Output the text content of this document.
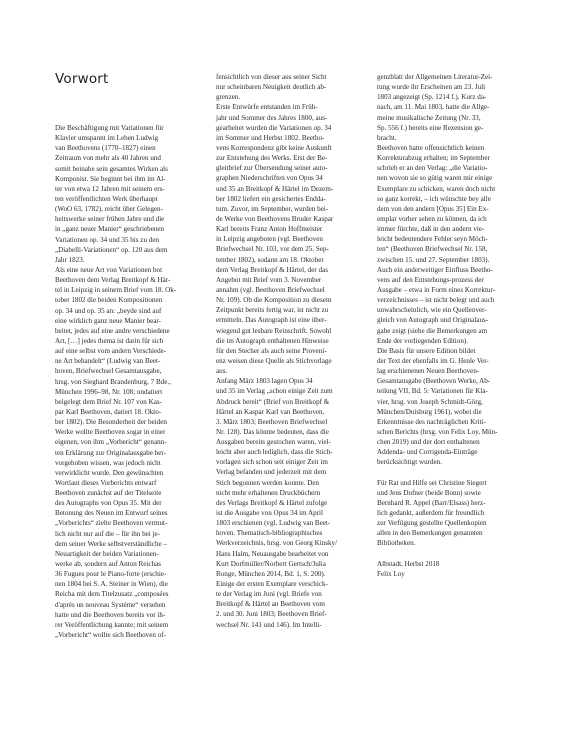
Vorwort
Die Beschäftigung mit Variationen für
Klavier umspannt im Leben Ludwig
van Beethovens (1770–1827) einen
Zeitraum von mehr als 40 Jahren und
somit beinahe sein gesamtes Wirken als
Komponist. Sie beginnt bei ihm im Al-
ter von etwa 12 Jahren mit seinem ers-
ten veröffentlichten Werk überhaupt
(WoO 63, 1782), reicht über Gelegen-
heitswerke seiner frühen Jahre und die
in „ganz neuer Manier“ geschriebenen
Variationen op. 34 und 35 bis zu den
„Diabelli-Variationen“ op. 120 aus dem
Jahr 1823.
Als eine neue Art von Variationen bot
Beethoven dem Verlag Breitkopf & Här-
tel in Leipzig in seinem Brief vom 18. Ok-
tober 1802 die beiden Kompositionen
op. 34 und op. 35 an: „beyde sind auf
eine wirklich ganz neue Manier bear-
beitet, jedes auf eine andre verschiedene
Art, […] jedes thema ist darin für sich
auf eine selbst vom andern Verschiede-
ne Art behandelt“ (Ludwig van Beet-
hoven, Briefwechsel Gesamtausgabe,
hrsg. von Sieghard Brandenburg, 7 Bde.,
München 1996–98, Nr. 108; undatiert
beigelegt dem Brief Nr. 107 von Kas-
par Karl Beethoven, datiert 18. Okto-
ber 1802). Die Besonderheit der beiden
Werke wollte Beethoven sogar in einer
eigenen, von ihm „Vorbericht“ genann-
ten Erklärung zur Originalausgabe her-
vorgehoben wissen, was jedoch nicht
verwirklicht wurde. Den gewünschten
Wortlaut dieses Vorberichts entwarf
Beethoven zunächst auf der Titelseite
des Autographs von Opus 35. Mit der
Betonung des Neuen im Entwurf seines
„Vorberichts“ zielte Beethoven vermut-
lich nicht nur auf die – für ihn bei je-
dem seiner Werke selbstverständliche –
Neuartigkeit der beiden Variationen-
werke ab, sondern auf Anton Reichas
36 Fugues pour le Piano-forte (erschie-
nen 1804 bei S. A. Steiner in Wien), die
Reicha mit dem Titelzusatz „composées
d'après un nouveau Système“ versehen
hatte und die Beethoven bereits vor ih-
rer Veröffentlichung kannte; mit seinem
„Vorbericht“ wollte sich Beethoven of-
fensichtlich von dieser aus seiner Sicht
nur scheinbaren Neuigkeit deutlich ab-
grenzen.
Erste Entwürfe entstanden im Früh-
jahr und Sommer des Jahres 1800, aus-
gearbeitet wurden die Variationen op. 34
im Sommer und Herbst 1802. Beetho-
vens Korrespondenz gibt keine Auskunft
zur Entstehung des Werks. Erst der Be-
gleitbrief zur Übersendung seiner auto-
graphen Niederschriften von Opus 34
und 35 an Breitkopf & Härtel im Dezem-
ber 1802 liefert ein gesichertes Enddа-
tum. Zuvor, im September, wurden bei-
de Werke von Beethovens Bruder Kaspar
Karl bereits Franz Anton Hoffmeister
in Leipzig angeboten (vgl. Beethoven
Briefwechsel Nr. 103, vor dem 25. Sep-
tember 1802), sodann am 18. Oktober
dem Verlag Breitkopf & Härtel, der das
Angebot mit Brief vom 3. November
annahm (vgl. Beethoven Briefwechsel
Nr. 109). Ob die Komposition zu diesem
Zeitpunkt bereits fertig war, ist nicht zu
ermitteln. Das Autograph ist eine über-
wiegend gut lesbare Reinschrift. Sowohl
die im Autograph enthaltenen Hinweise
für den Stecher als auch seine Provení-
enz weisen diese Quelle als Stichvorlage
aus.
Anfang März 1803 lagen Opus 34
und 35 im Verlag „schon einige Zeit zum
Abdruck bereit“ (Brief von Breitkopf &
Härtel an Kaspar Karl van Beethoven,
3. März 1803; Beethoven Briefwechsel
Nr. 128). Das könnte bedeuten, dass die
Ausgaben bereits gestochen waren, viel-
leicht aber auch lediglich, dass die Stich-
vorlagen sich schon seit einiger Zeit im
Verlag befanden und jederzeit mit dem
Stich begonnen werden konnte. Den
nicht mehr erhaltenen Druckbüchern
des Verlags Breitkopf & Härtel zufolge
ist die Ausgabe von Opus 34 im April
1803 erschienen (vgl. Ludwig van Beet-
hoven. Thematisch-bibliographisches
Werkverzeichnis, hrsg. von Georg Kinsky/
Hans Halm, Neuausgabe bearbeitet von
Kurt Dorfmüller/Norbert Gertsch/Julia
Ronge, München 2014, Bd. 1, S. 200).
Einige der ersten Exemplare verschick-
te der Verlag im Juni (vgl. Briefe von
Breitkopf & Härtel an Beethoven vom
2. und 30. Juni 1803; Beethoven Brief-
wechsel Nr. 141 und 146). Im Intelli-
genzblatt der Allgemeinen Literatur-Zei-
tung wurde ihr Erscheinen am 23. Juli
1803 angezeigt (Sp. 1214 f.). Kurz da-
nach, am 11. Mai 1803, hatte die Allge-
meine musikalische Zeitung (Nr. 33,
Sp. 556 f.) bereits eine Rezension ge-
bracht.
Beethoven hatte offensichtlich keinen
Korrekturabzug erhalten; im September
schrieb er an den Verlag: „die Variatio-
nen wovon sie so gütig waren mir einige
Exemplare zu schicken, waren doch nicht
so ganz korrekt, – ich wünschte bey alle
dem von den andern [Opus 35] Ein Ex-
emplar vorher sehen zu können, da ich
immer fürchte, daß in den andern vie-
leicht bedeutendere Fehler seyn Möch-
ten“ (Beethoven Briefwechsel Nr. 158,
zwischen 15. und 27. September 1803).
Auch ein anderweitiger Einfluss Beetho-
vens auf den Entstehungs-prozess der
Ausgabe – etwa in Form eines Korrektur-
verzeichnisses – ist nicht belegt und auch
unwahrscheinlich, wie ein Quellenver-
gleich von Autograph und Originalaus-
gabe zeigt (siehe die Bemerkungen am
Ende der vorliegenden Edition).
Die Basis für unsere Edition bildet
der Text der ebenfalls im G. Henle Ver-
lag erschienenen Neuen Beethoven-
Gesamtausgabe (Beethoven Werke, Ab-
teilung VII, Bd. 5: Variationen für Kla-
vier, hrsg. von Joseph Schmidt-Görg,
München/Duisburg 1961), wobei die
Erkenntnisse des nachträglichen Kriti-
schen Berichts (hrsg. von Felix Loy, Mün-
chen 2019) und der dort enthaltenen
Addenda- und Corrigenda-Einträge
berücksichtigt wurden.
Für Rat und Hilfe sei Christine Siegert
und Jens Dufner (beide Bonn) sowie
Bernhard R. Appel (Barr/Elsass) herz-
lich gedankt, außerdem für freundlich
zur Verfügung gestellte Quellenkopien
allen in den Bemerkungen genannten
Bibliotheken.
Albstadt, Herbst 2018
Felix Loy
